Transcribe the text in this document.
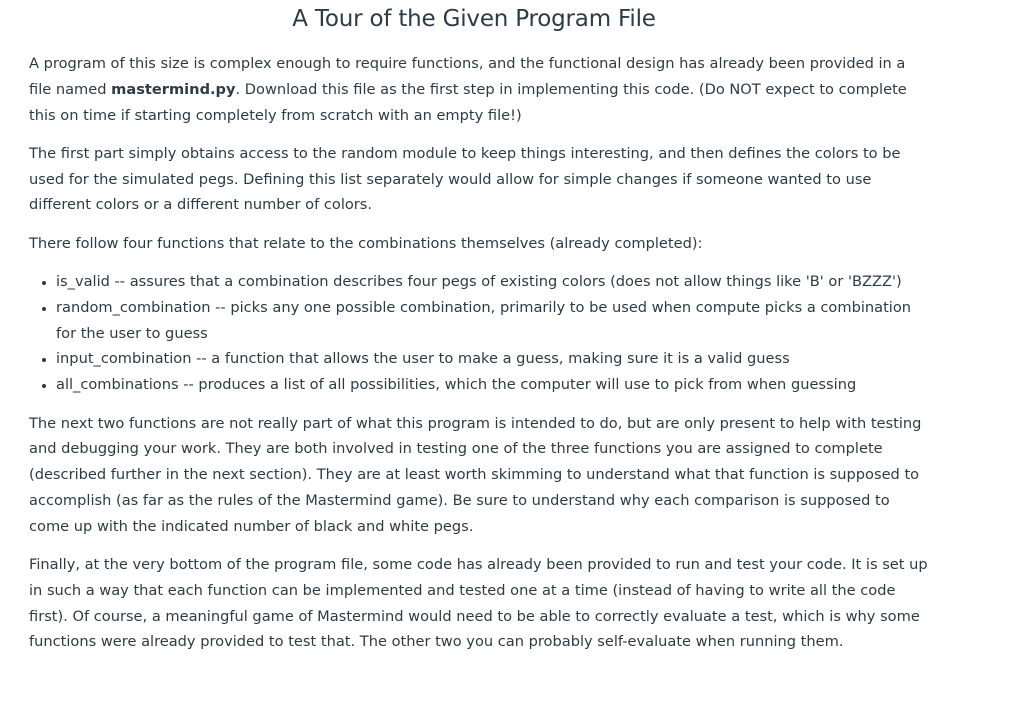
A Tour of the Given Program File

A program of this size is complex enough to require functions, and the functional design has already been provided in a file named mastermind.py. Download this file as the first step in implementing this code. (Do NOT expect to complete this on time if starting completely from scratch with an empty file!)

The first part simply obtains access to the random module to keep things interesting, and then defines the colors to be used for the simulated pegs. Defining this list separately would allow for simple changes if someone wanted to use different colors or a different number of colors.

There follow four functions that relate to the combinations themselves (already completed):

• is_valid -- assures that a combination describes four pegs of existing colors (does not allow things like 'B' or 'BZZZ')
• random_combination -- picks any one possible combination, primarily to be used when compute picks a combination for the user to guess
• input_combination -- a function that allows the user to make a guess, making sure it is a valid guess
• all_combinations -- produces a list of all possibilities, which the computer will use to pick from when guessing

The next two functions are not really part of what this program is intended to do, but are only present to help with testing and debugging your work. They are both involved in testing one of the three functions you are assigned to complete (described further in the next section). They are at least worth skimming to understand what that function is supposed to accomplish (as far as the rules of the Mastermind game). Be sure to understand why each comparison is supposed to come up with the indicated number of black and white pegs.

Finally, at the very bottom of the program file, some code has already been provided to run and test your code. It is set up in such a way that each function can be implemented and tested one at a time (instead of having to write all the code first). Of course, a meaningful game of Mastermind would need to be able to correctly evaluate a test, which is why some functions were already provided to test that. The other two you can probably self-evaluate when running them.
